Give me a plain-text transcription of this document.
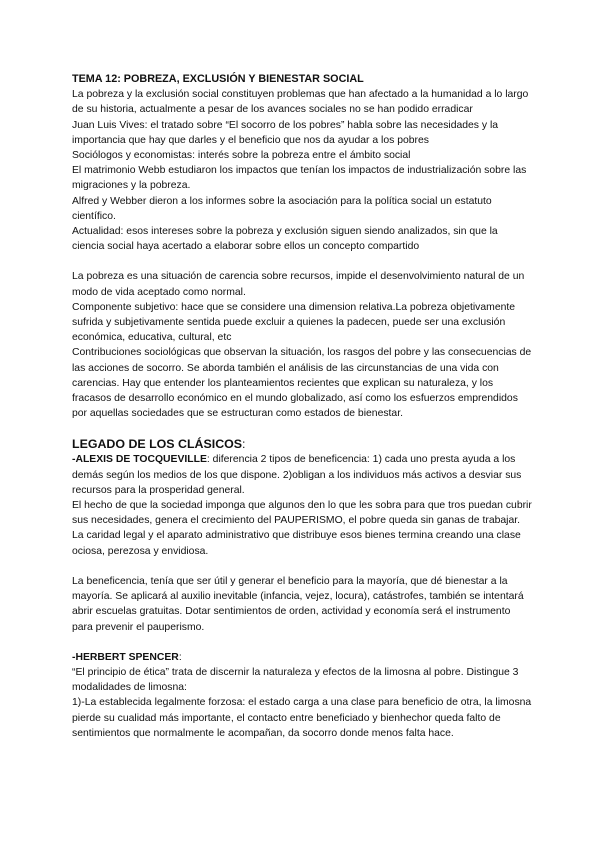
TEMA 12: POBREZA, EXCLUSIÓN Y BIENESTAR SOCIAL

La pobreza y la exclusión social constituyen problemas que han afectado a la humanidad a lo largo de su historia, actualmente a pesar de los avances sociales no se han podido erradicar

Juan Luis Vives: el tratado sobre “El socorro de los pobres” habla sobre las necesidades y la importancia que hay que darles y el beneficio que nos da ayudar a los pobres

Sociólogos y economistas: interés sobre la pobreza entre el ámbito social

El matrimonio Webb estudiaron los impactos que tenían los impactos de industrialización sobre las migraciones y la pobreza.

Alfred y Webber dieron a los informes sobre la asociación para la política social un estatuto científico.

Actualidad: esos intereses sobre la pobreza y exclusión siguen siendo analizados, sin que la ciencia social haya acertado a elaborar sobre ellos un concepto compartido

La pobreza es una situación de carencia sobre recursos, impide el desenvolvimiento natural de un modo de vida aceptado como normal.

Componente subjetivo: hace que se considere una dimension relativa.La pobreza objetivamente sufrida y subjetivamente sentida puede excluir a quienes la padecen, puede ser una exclusión económica, educativa, cultural, etc

Contribuciones sociológicas que observan la situación, los rasgos del pobre y las consecuencias de las acciones de socorro. Se aborda también el análisis de las circunstancias de una vida con carencias. Hay que entender los planteamientos recientes que explican su naturaleza, y los fracasos de desarrollo económico en el mundo globalizado, así como los esfuerzos emprendidos por aquellas sociedades que se estructuran como estados de bienestar.

LEGADO DE LOS CLÁSICOS:

-ALEXIS DE TOCQUEVILLE: diferencia 2 tipos de beneficencia: 1) cada uno presta ayuda a los demás según los medios de los que dispone. 2)obligan a los individuos más activos a desviar sus recursos para la prosperidad general.

El hecho de que la sociedad imponga que algunos den lo que les sobra para que tros puedan cubrir sus necesidades, genera el crecimiento del PAUPERISMO, el pobre queda sin ganas de trabajar. La caridad legal y el aparato administrativo que distribuye esos bienes termina creando una clase ociosa, perezosa y envidiosa.

La beneficencia, tenía que ser útil y generar el beneficio para la mayoría, que dé bienestar a la mayoría. Se aplicará al auxilio inevitable (infancia, vejez, locura), catástrofes, también se intentará abrir escuelas gratuitas. Dotar sentimientos de orden, actividad y economía será el instrumento para prevenir el pauperismo.

-HERBERT SPENCER:

“El principio de ética” trata de discernir la naturaleza y efectos de la limosna al pobre. Distingue 3 modalidades de limosna:

1)-La establecida legalmente forzosa: el estado carga a una clase para beneficio de otra, la limosna pierde su cualidad más importante, el contacto entre beneficiado y bienhechor queda falto de sentimientos que normalmente le acompañan, da socorro donde menos falta hace.
